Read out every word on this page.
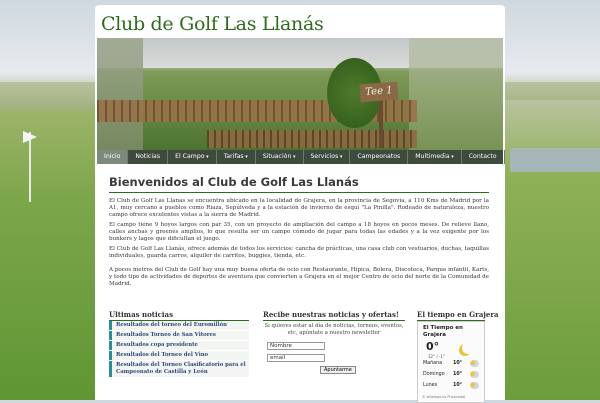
Club de Golf Las Llanás
Tee 1
Inicio	Noticias	El Campo ▾	Tarifas ▾	Situación ▾	Servicios ▾	Campeonatos	Multimedia ▾	Contacto
Bienvenidos al Club de Golf Las Llanás
El Club de Golf Las Llanas se encuentra ubicado en la localidad de Grajera, en la provincia de Segovia, a 110 Kms de Madrid por la A1, muy cercano a pueblos como Riaza, Sepúlveda y a la estación de invierno de esquí "La Pinilla". Rodeado de naturaleza, nuestro campo ofrece excelentes vistas a la sierra de Madrid.
El campo tiene 9 hoyos largos con par 35, con un proyecto de ampliación del campo a 18 hoyos en pocos meses. De relieve llano, calles anchas y greenes amplios, lo que resulta ser un campo cómodo de jugar para todas las edades y a la vez exigente por los bunkers y lagos que dificultan el juego.
El Club de Golf Las Llanás, ofrece además de todos los servicios: cancha de prácticas, una casa club con vestuarios, duchas, taquillas individuales, guarda carros, alquiler de carritos, buggies, tienda, etc.
A pocos metros del Club de Golf hay una muy buena oferta de ocio con Restaurante, Hípica, Bolera, Discoteca, Parque infantil, Karts, y todo tipo de actividades de deportes de aventura que convierten a Grajera en el mejor Centro de ocio del norte de la Comunidad de Madrid.
Ultimas noticias
Resultados del torneo del Euromillón
Resultados Torneo de San Vitores
Resultados copa presidente
Resultados del Torneo del Vino
Resultados del Torneo Clasificatorio para el Campeonato de Castilla y León
Recibe nuestras noticias y ofertas!
Si quieres estar al día de noticias, torneos, eventos, etc, apúntate a nuestro newsletter
Nombre
email
Apuntarme
El tiempo en Grajera
El Tiempo en Grajera
0°
12° / -1°
Mañana 10°
Domingo 10°
Lunes	10°
© eltiempo.es Privacidad
